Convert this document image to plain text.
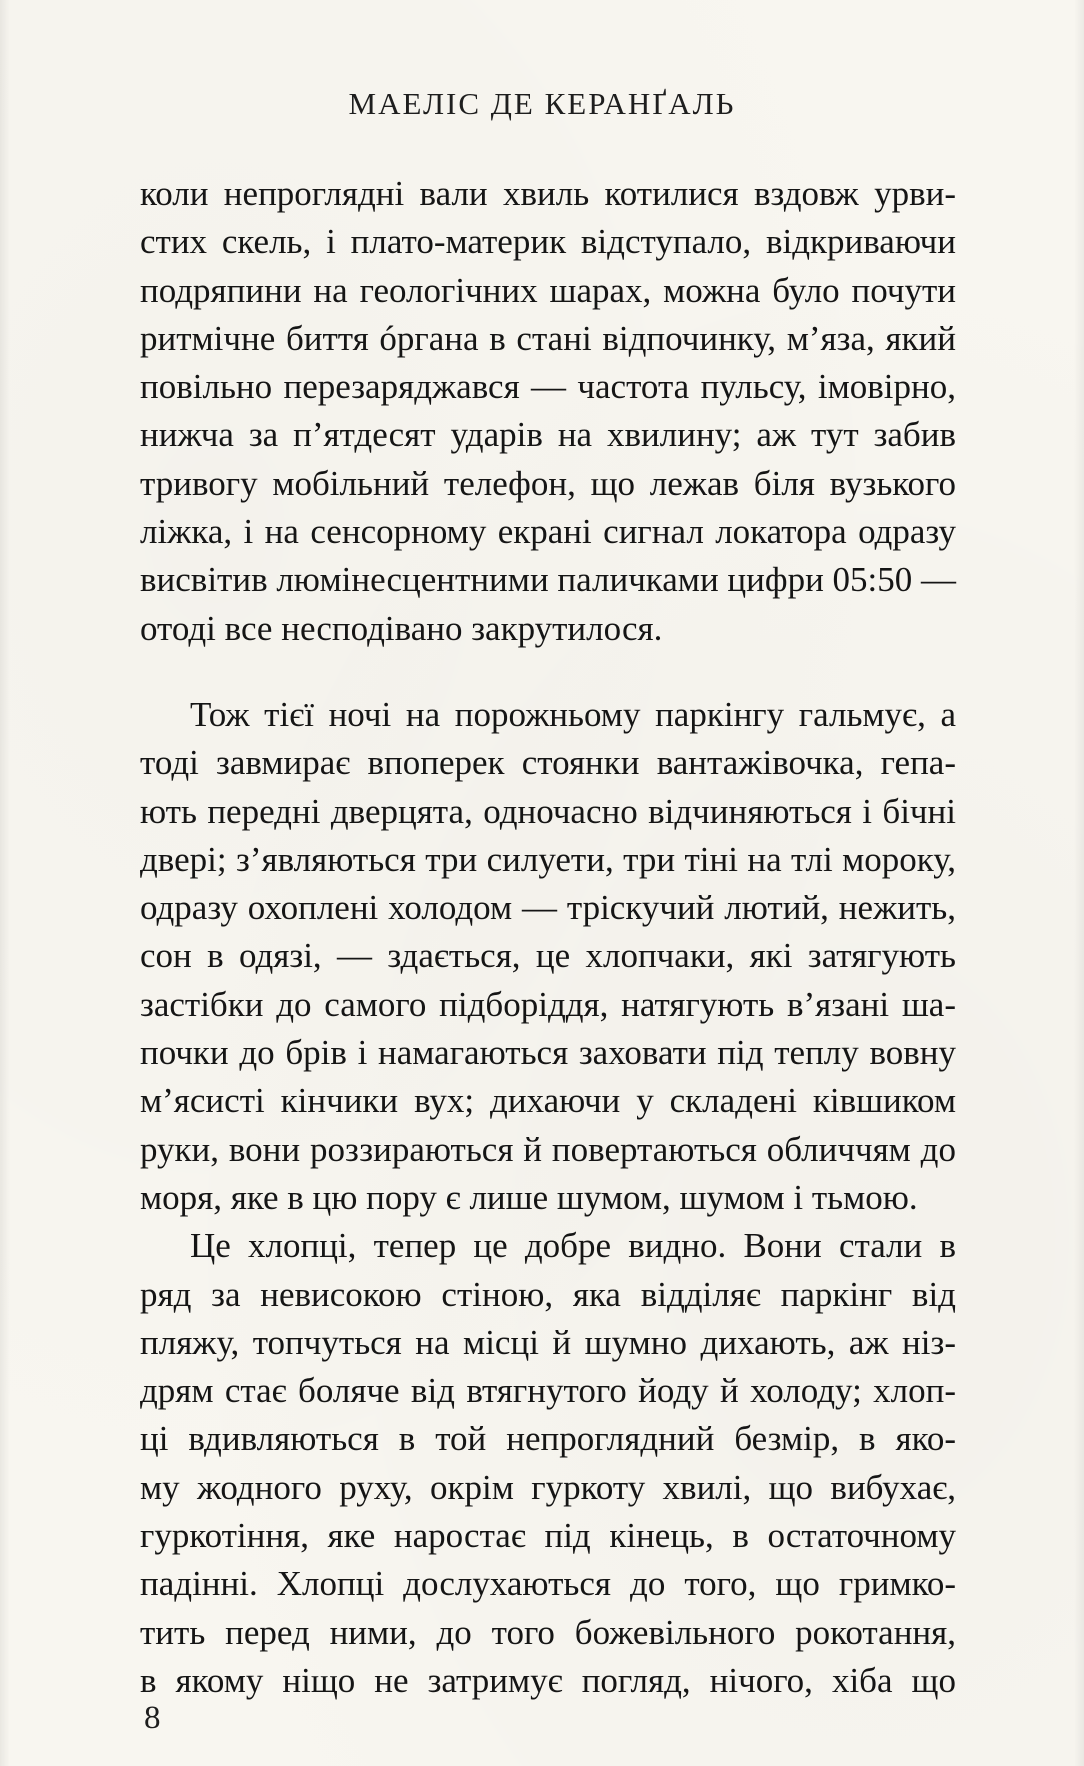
МАЕЛІС ДЕ КЕРАНҐАЛЬ
коли непроглядні вали хвиль котилися вздовж урви-
стих скель, і плато-материк відступало, відкриваючи
подряпини на геологічних шарах, можна було почути
ритмічне биття óргана в стані відпочинку, м’яза, який
повільно перезаряджався — частота пульсу, імовірно,
нижча за п’ятдесят ударів на хвилину; аж тут забив
тривогу мобільний телефон, що лежав біля вузького
ліжка, і на сенсорному екрані сигнал локатора одразу
висвітив люмінесцентними паличками цифри 05:50 —
отоді все несподівано закрутилося.
Тож тієї ночі на порожньому паркінгу гальмує, а
тоді завмирає впоперек стоянки вантажівочка, гепа-
ють передні дверцята, одночасно відчиняються і бічні
двері; з’являються три силуети, три тіні на тлі мороку,
одразу охоплені холодом — тріскучий лютий, нежить,
сон в одязі, — здається, це хлопчаки, які затягують
застібки до самого підборіддя, натягують в’язані ша-
почки до брів і намагаються заховати під теплу вовну
м’ясисті кінчики вух; дихаючи у складені ківшиком
руки, вони роззираються й повертаються обличчям до
моря, яке в цю пору є лише шумом, шумом і тьмою.
Це хлопці, тепер це добре видно. Вони стали в
ряд за невисокою стіною, яка відділяє паркінг від
пляжу, топчуться на місці й шумно дихають, аж ніз-
дрям стає боляче від втягнутого йоду й холоду; хлоп-
ці вдивляються в той непроглядний безмір, в яко-
му жодного руху, окрім гуркоту хвилі, що вибухає,
гуркотіння, яке наростає під кінець, в остаточному
падінні. Хлопці дослухаються до того, що гримко-
тить перед ними, до того божевільного рокотання,
в якому ніщо не затримує погляд, нічого, хіба що
8
